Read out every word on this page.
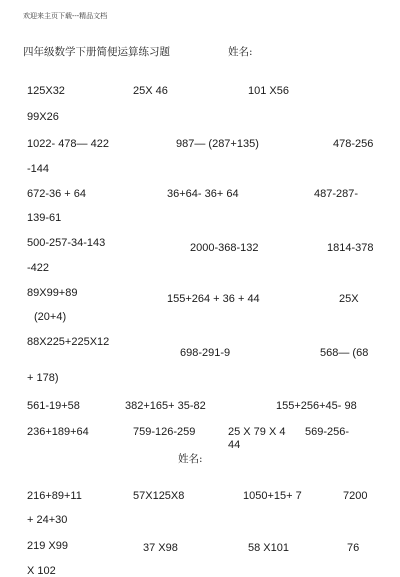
欢迎来主页下载---精品文档
四年级数学下册简便运算练习题	姓名:
125X32	25X 46	101 X56
99X26
1022- 478— 422	987— (287+135)	478-256
-144
672-36 + 64	36+64- 36+ 64	487-287-
139-61
500-257-34-143	2000-368-132	1814-378
-422
89X99+89	155+264 + 36 + 44	25X
(20+4)
88X225+225X12
698-291-9	568— (68
+ 178)
561-19+58	382+165+ 35-82	155+256+45- 98
236+189+64	759-126-259	25 X 79 X 4
44
569-256-
姓名:
216+89+11	57X125X8	1050+15+ 7	7200
+ 24+30
219 X99	37 X98	58 X101	76
X 102
